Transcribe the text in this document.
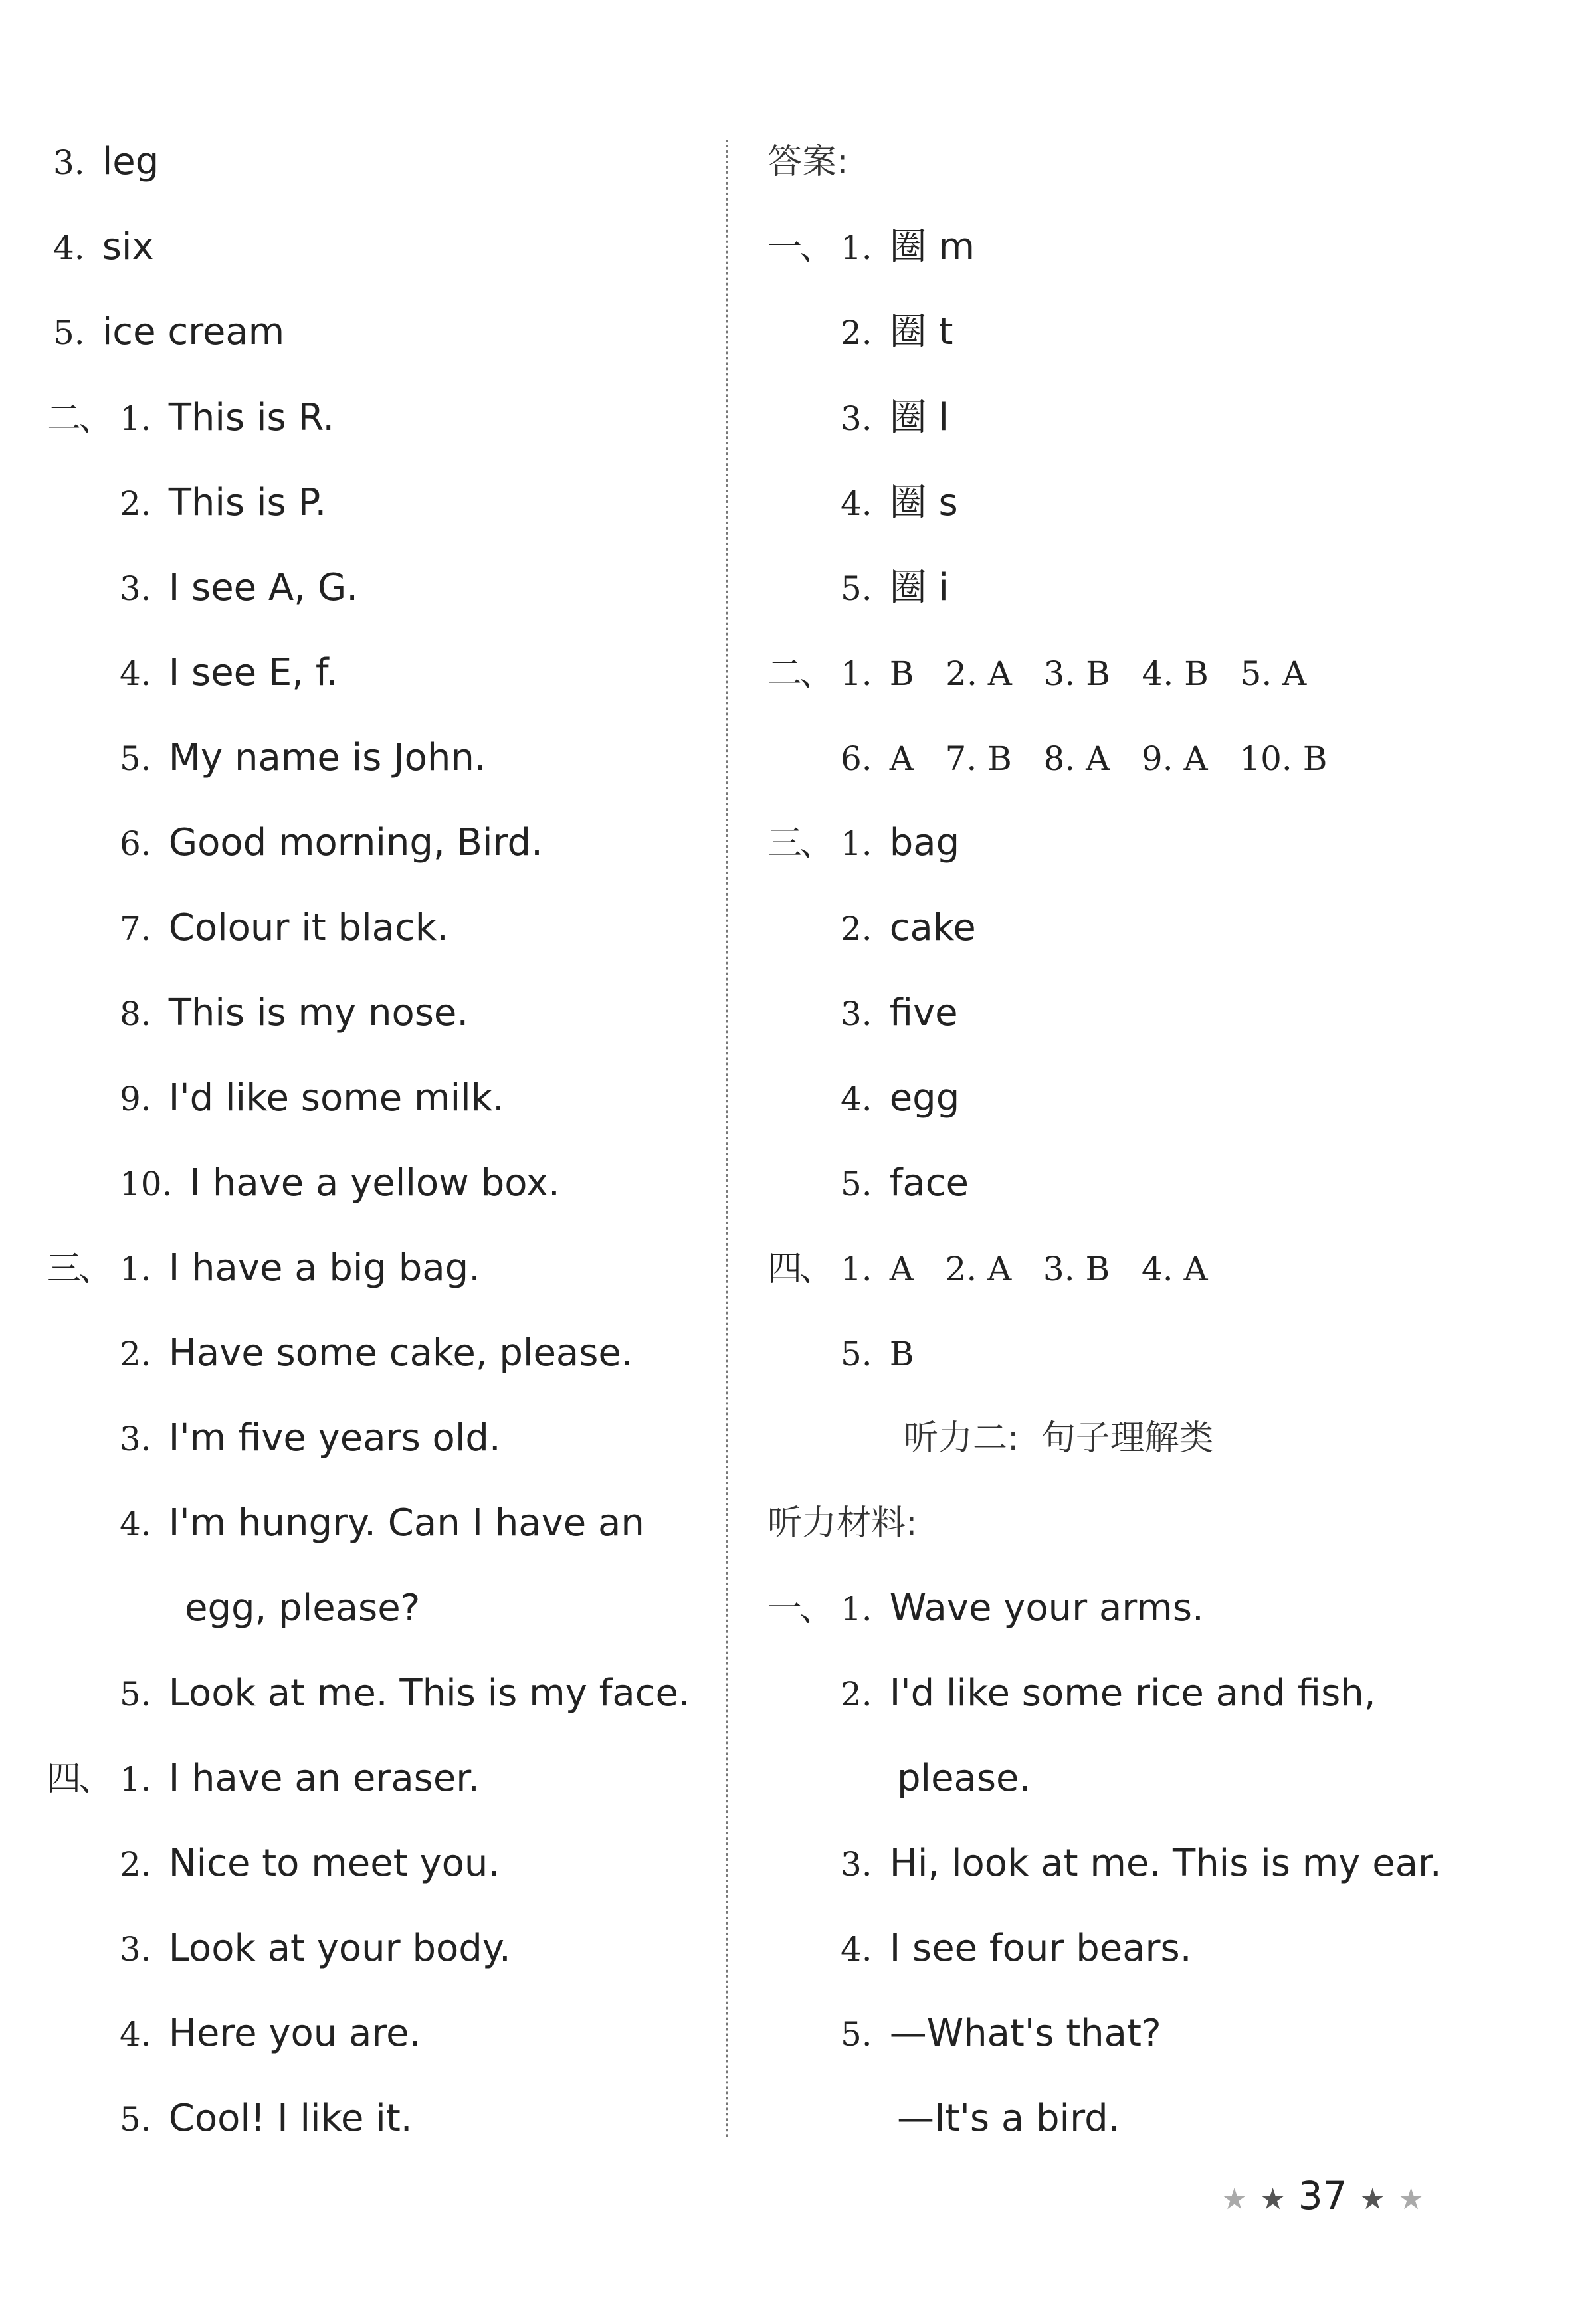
3. leg
4. six
5. ice cream
二、 1. This is R.
2. This is P.
3. I see A, G.
4. I see E, f.
5. My name is John.
6. Good morning, Bird.
7. Colour it black.
8. This is my nose.
9. I'd like some milk.
10. I have a yellow box.
三、 1. I have a big bag.
2. Have some cake, please.
3. I'm five years old.
4. I'm hungry. Can I have an
egg, please?
5. Look at me. This is my face.
四、 1. I have an eraser.
2. Nice to meet you.
3. Look at your body.
4. Here you are.
5. Cool! I like it.
答案:
一、 1. 圈 m
2. 圈 t
3. 圈 l
4. 圈 s
5. 圈 i
二、 1. B   2. A   3. B   4. B   5. A
6. A   7. B   8. A   9. A   10. B
三、 1. bag
2. cake
3. five
4. egg
5. face
四、 1. A   2. A   3. B   4. A
5. B
听力二:  句子理解类
听力材料:
一、 1. Wave your arms.
2. I'd like some rice and fish,
please.
3. Hi, look at me. This is my ear.
4. I see four bears.
5. —What's that?
—It's a bird.
★ ★ 37 ★ ★
